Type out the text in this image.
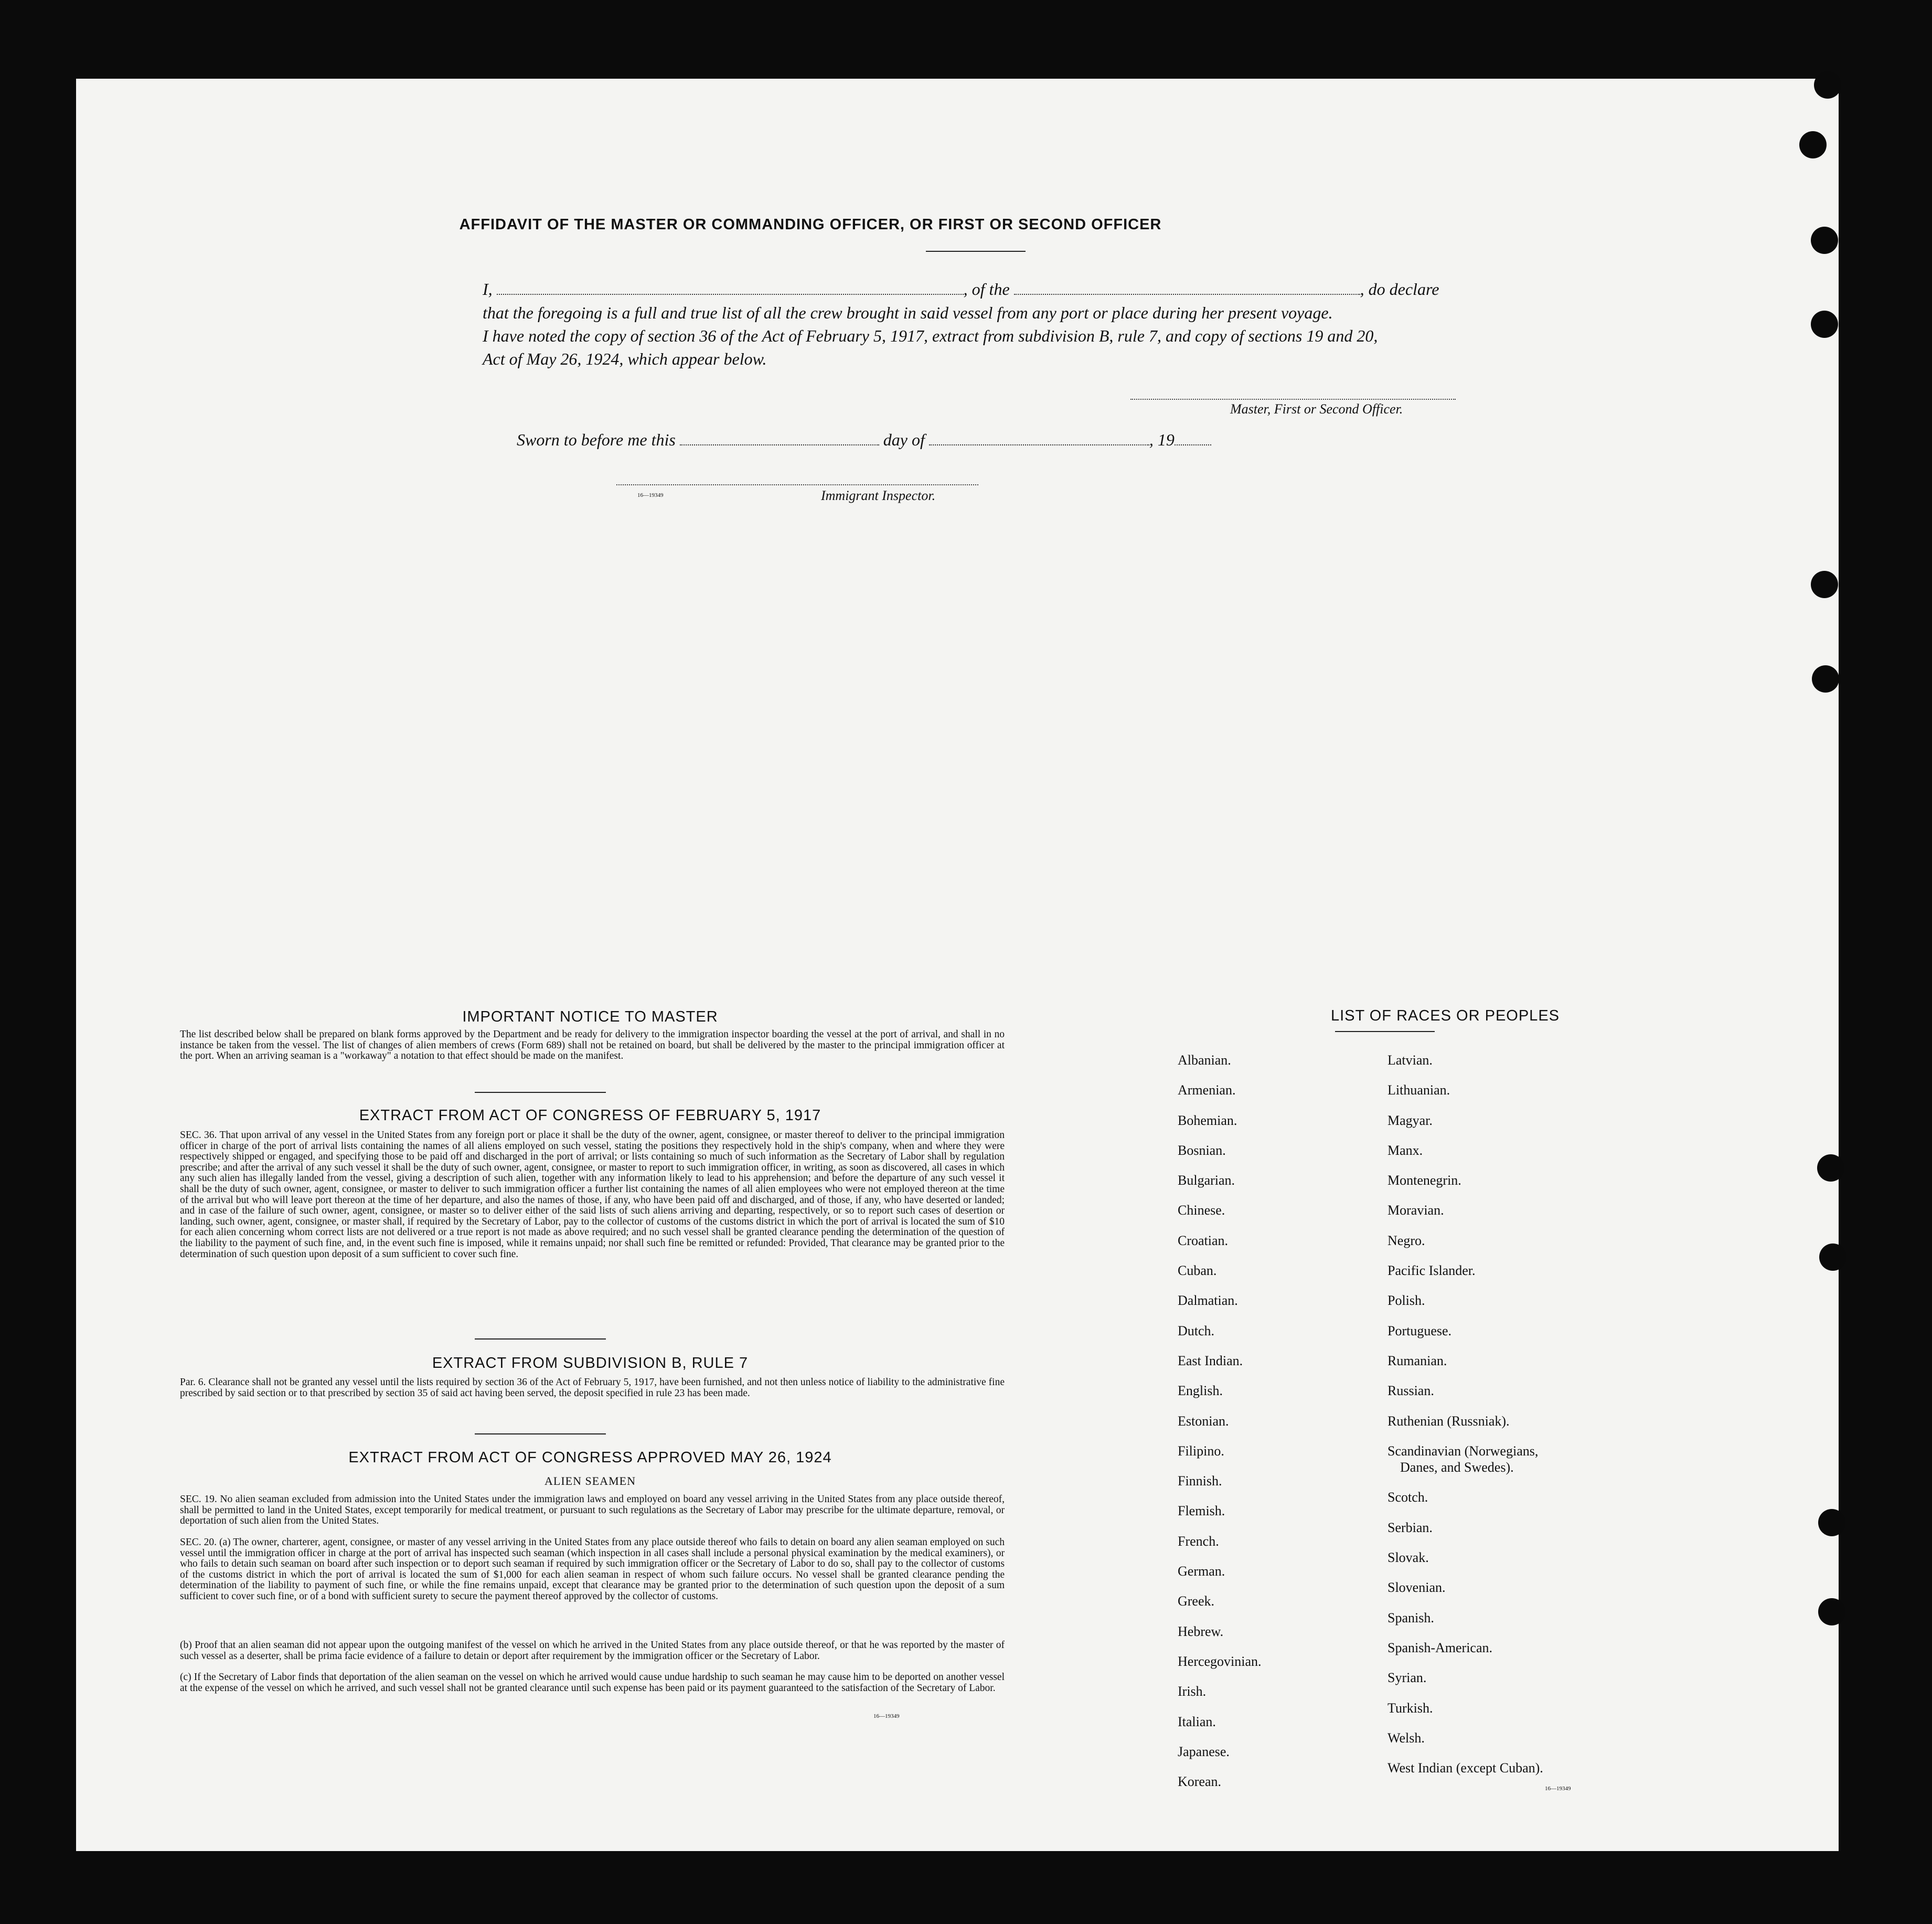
AFFIDAVIT OF THE MASTER OR COMMANDING OFFICER, OR FIRST OR SECOND OFFICER
I,	, of the	, do declare
that the foregoing is a full and true list of all the crew brought in said vessel from any port or place during her present voyage.
I have noted the copy of section 36 of the Act of February 5, 1917, extract from subdivision B, rule 7, and copy of sections 19 and 20,
Act of May 26, 1924, which appear below.
Master, First or Second Officer.
Sworn to before me this	day of	, 19
16—19349	Immigrant Inspector.
IMPORTANT NOTICE TO MASTER
The list described below shall be prepared on blank forms approved by the Department and be ready for delivery to the immigration inspector boarding the vessel at the port of arrival, and shall in no instance be taken from the vessel. The list of changes of alien members of crews (Form 689) shall not be retained on board, but shall be delivered by the master to the principal immigration officer at the port. When an arriving seaman is a "workaway" a notation to that effect should be made on the manifest.
EXTRACT FROM ACT OF CONGRESS OF FEBRUARY 5, 1917
SEC. 36. That upon arrival of any vessel in the United States from any foreign port or place it shall be the duty of the owner, agent, consignee, or master thereof to deliver to the principal immigration officer in charge of the port of arrival lists containing the names of all aliens employed on such vessel, stating the positions they respectively hold in the ship's company, when and where they were respectively shipped or engaged, and specifying those to be paid off and discharged in the port of arrival; or lists containing so much of such information as the Secretary of Labor shall by regulation prescribe; and after the arrival of any such vessel it shall be the duty of such owner, agent, consignee, or master to report to such immigration officer, in writing, as soon as discovered, all cases in which any such alien has illegally landed from the vessel, giving a description of such alien, together with any information likely to lead to his apprehension; and before the departure of any such vessel it shall be the duty of such owner, agent, consignee, or master to deliver to such immigration officer a further list containing the names of all alien employees who were not employed thereon at the time of the arrival but who will leave port thereon at the time of her departure, and also the names of those, if any, who have been paid off and discharged, and of those, if any, who have deserted or landed; and in case of the failure of such owner, agent, consignee, or master so to deliver either of the said lists of such aliens arriving and departing, respectively, or so to report such cases of desertion or landing, such owner, agent, consignee, or master shall, if required by the Secretary of Labor, pay to the collector of customs of the customs district in which the port of arrival is located the sum of $10 for each alien concerning whom correct lists are not delivered or a true report is not made as above required; and no such vessel shall be granted clearance pending the determination of the question of the liability to the payment of such fine, and, in the event such fine is imposed, while it remains unpaid; nor shall such fine be remitted or refunded: Provided, That clearance may be granted prior to the determination of such question upon deposit of a sum sufficient to cover such fine.
EXTRACT FROM SUBDIVISION B, RULE 7
Par. 6. Clearance shall not be granted any vessel until the lists required by section 36 of the Act of February 5, 1917, have been furnished, and not then unless notice of liability to the administrative fine prescribed by said section or to that prescribed by section 35 of said act having been served, the deposit specified in rule 23 has been made.
EXTRACT FROM ACT OF CONGRESS APPROVED MAY 26, 1924
ALIEN SEAMEN
SEC. 19. No alien seaman excluded from admission into the United States under the immigration laws and employed on board any vessel arriving in the United States from any place outside thereof, shall be permitted to land in the United States, except temporarily for medical treatment, or pursuant to such regulations as the Secretary of Labor may prescribe for the ultimate departure, removal, or deportation of such alien from the United States.
SEC. 20. (a) The owner, charterer, agent, consignee, or master of any vessel arriving in the United States from any place outside thereof who fails to detain on board any alien seaman employed on such vessel until the immigration officer in charge at the port of arrival has inspected such seaman (which inspection in all cases shall include a personal physical examination by the medical examiners), or who fails to detain such seaman on board after such inspection or to deport such seaman if required by such immigration officer or the Secretary of Labor to do so, shall pay to the collector of customs of the customs district in which the port of arrival is located the sum of $1,000 for each alien seaman in respect of whom such failure occurs. No vessel shall be granted clearance pending the determination of the liability to payment of such fine, or while the fine remains unpaid, except that clearance may be granted prior to the determination of such question upon the deposit of a sum sufficient to cover such fine, or of a bond with sufficient surety to secure the payment thereof approved by the collector of customs.
(b) Proof that an alien seaman did not appear upon the outgoing manifest of the vessel on which he arrived in the United States from any place outside thereof, or that he was reported by the master of such vessel as a deserter, shall be prima facie evidence of a failure to detain or deport after requirement by the immigration officer or the Secretary of Labor.
(c) If the Secretary of Labor finds that deportation of the alien seaman on the vessel on which he arrived would cause undue hardship to such seaman he may cause him to be deported on another vessel at the expense of the vessel on which he arrived, and such vessel shall not be granted clearance until such expense has been paid or its payment guaranteed to the satisfaction of the Secretary of Labor.
16—19349
LIST OF RACES OR PEOPLES
Albanian.
Armenian.
Bohemian.
Bosnian.
Bulgarian.
Chinese.
Croatian.
Cuban.
Dalmatian.
Dutch.
East Indian.
English.
Estonian.
Filipino.
Finnish.
Flemish.
French.
German.
Greek.
Hebrew.
Hercegovinian.
Irish.
Italian.
Japanese.
Korean.
Latvian.
Lithuanian.
Magyar.
Manx.
Montenegrin.
Moravian.
Negro.
Pacific Islander.
Polish.
Portuguese.
Rumanian.
Russian.
Ruthenian (Russniak).
Scandinavian (Norwegians,
Danes, and Swedes).
Scotch.
Serbian.
Slovak.
Slovenian.
Spanish.
Spanish-American.
Syrian.
Turkish.
Welsh.
West Indian (except Cuban).
16—19349
